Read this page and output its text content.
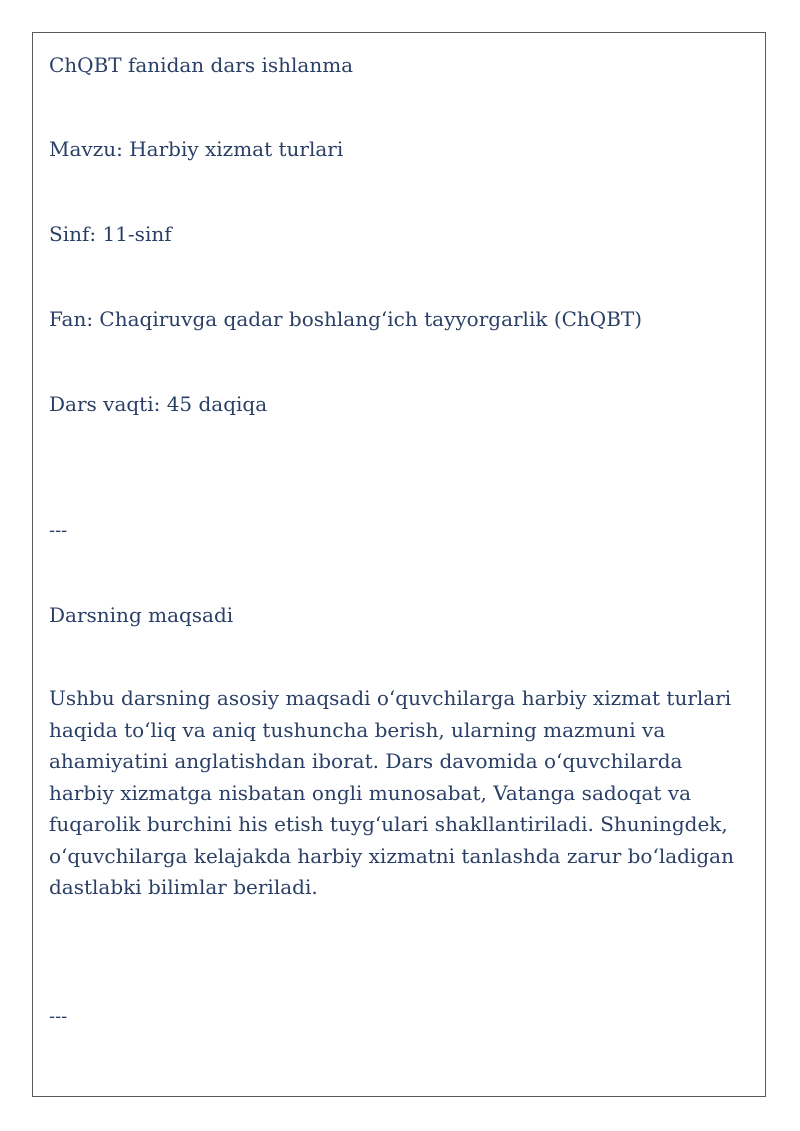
ChQBT fanidan dars ishlanma

Mavzu: Harbiy xizmat turlari

Sinf: 11-sinf

Fan: Chaqiruvga qadar boshlang‘ich tayyorgarlik (ChQBT)

Dars vaqti: 45 daqiqa

---

Darsning maqsadi

Ushbu darsning asosiy maqsadi o‘quvchilarga harbiy xizmat turlari
haqida to‘liq va aniq tushuncha berish, ularning mazmuni va
ahamiyatini anglatishdan iborat. Dars davomida o‘quvchilarda
harbiy xizmatga nisbatan ongli munosabat, Vatanga sadoqat va
fuqarolik burchini his etish tuyg‘ulari shakllantiriladi. Shuningdek,
o‘quvchilarga kelajakda harbiy xizmatni tanlashda zarur bo‘ladigan
dastlabki bilimlar beriladi.

---
